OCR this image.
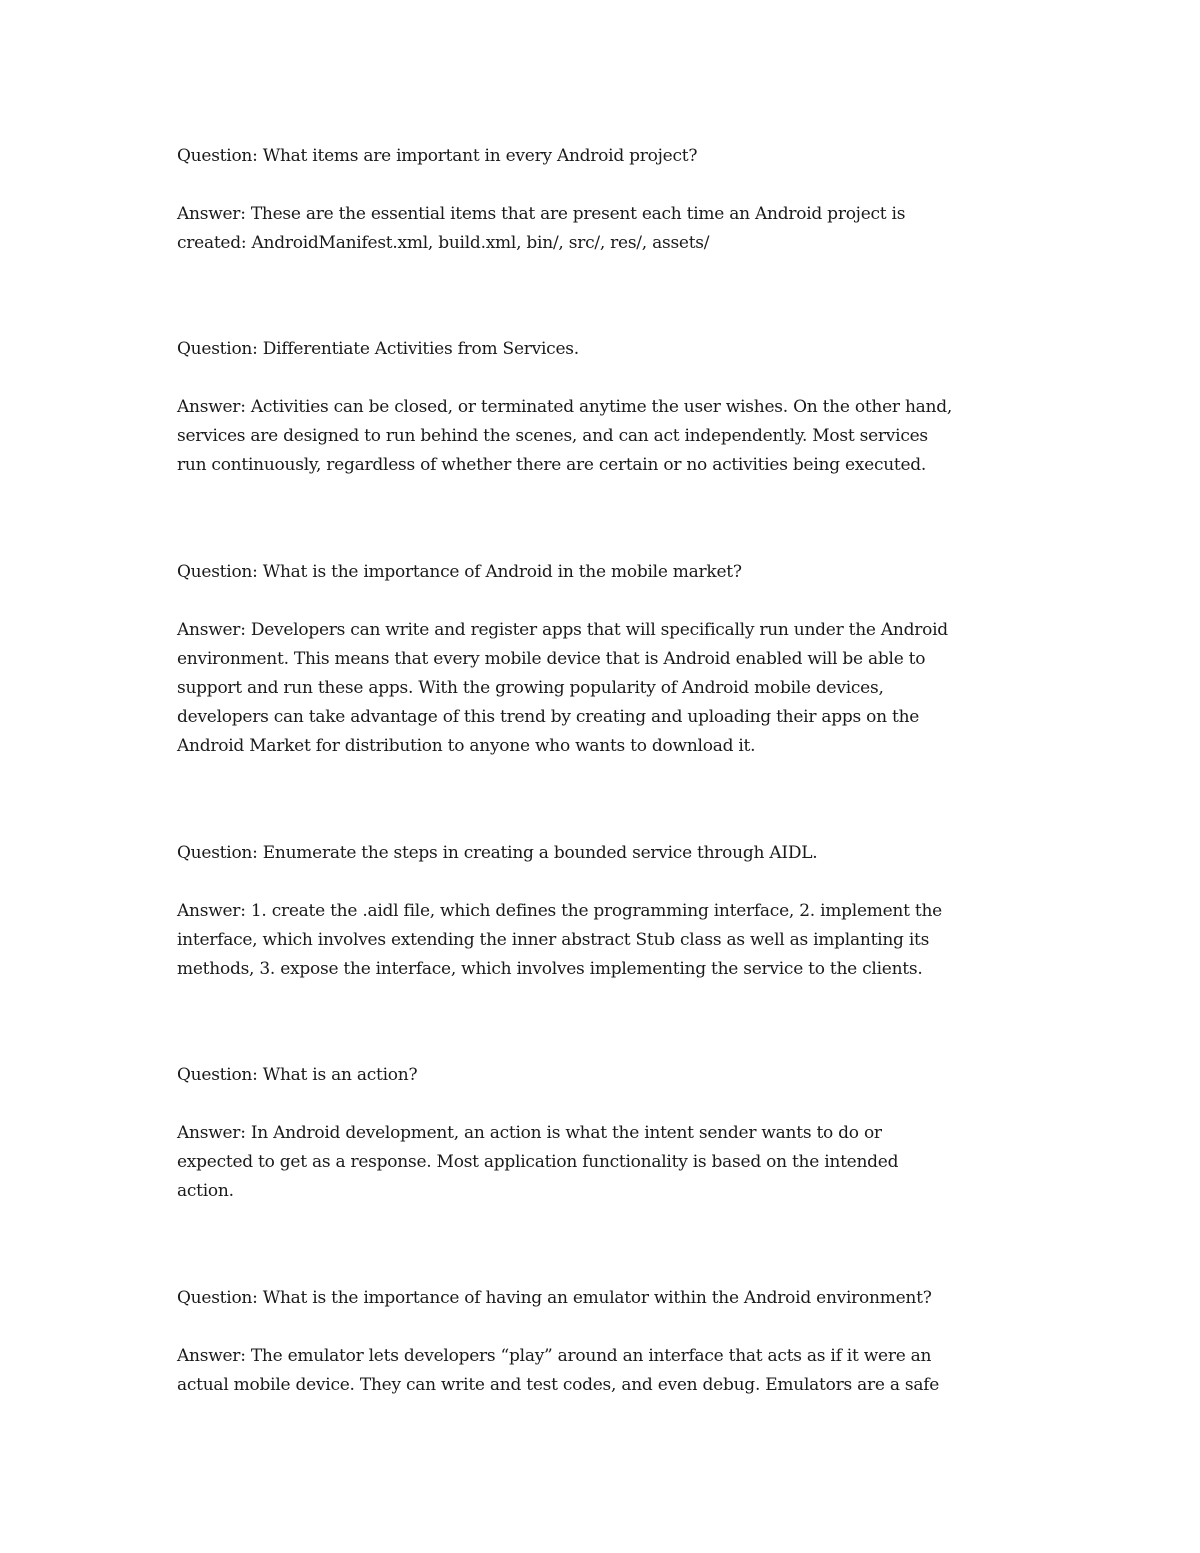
Question: What items are important in every Android project?

Answer: These are the essential items that are present each time an Android project is

created: AndroidManifest.xml, build.xml, bin/, src/, res/, assets/

Question: Differentiate Activities from Services.

Answer: Activities can be closed, or terminated anytime the user wishes. On the other hand,

services are designed to run behind the scenes, and can act independently. Most services

run continuously, regardless of whether there are certain or no activities being executed.

Question: What is the importance of Android in the mobile market?

Answer: Developers can write and register apps that will specifically run under the Android

environment. This means that every mobile device that is Android enabled will be able to

support and run these apps. With the growing popularity of Android mobile devices,

developers can take advantage of this trend by creating and uploading their apps on the

Android Market for distribution to anyone who wants to download it.

Question: Enumerate the steps in creating a bounded service through AIDL.

Answer: 1. create the .aidl file, which defines the programming interface, 2. implement the

interface, which involves extending the inner abstract Stub class as well as implanting its

methods, 3. expose the interface, which involves implementing the service to the clients.

Question: What is an action?

Answer: In Android development, an action is what the intent sender wants to do or

expected to get as a response. Most application functionality is based on the intended

action.

Question: What is the importance of having an emulator within the Android environment?

Answer: The emulator lets developers “play” around an interface that acts as if it were an

actual mobile device. They can write and test codes, and even debug. Emulators are a safe
